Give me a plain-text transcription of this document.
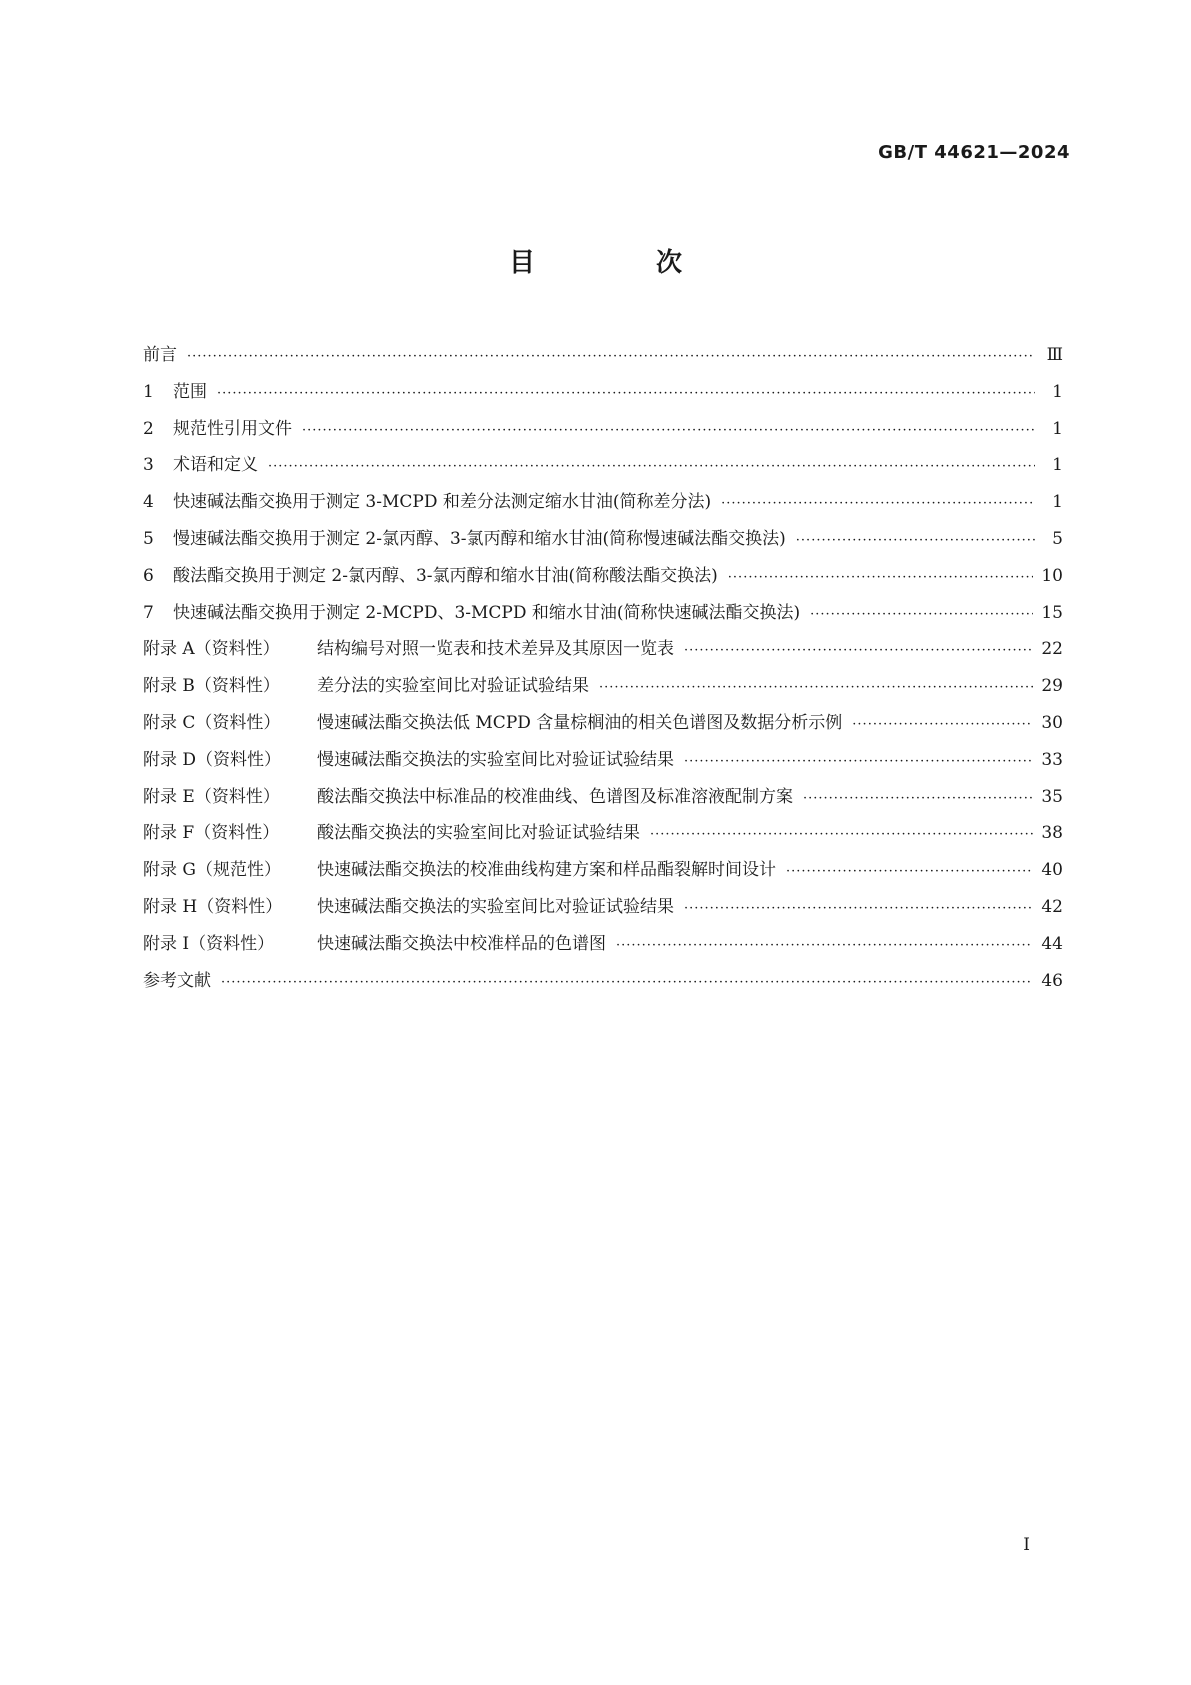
GB/T 44621—2024
目 次
前言 ·····	Ⅲ
1	范围 ·····	1
2	规范性引用文件 ·····	1
3	术语和定义 ·····	1
4	快速碱法酯交换用于测定 3-MCPD 和差分法测定缩水甘油(简称差分法) ·····	1
5	慢速碱法酯交换用于测定 2-氯丙醇、3-氯丙醇和缩水甘油(简称慢速碱法酯交换法) ·····	5
6	酸法酯交换用于测定 2-氯丙醇、3-氯丙醇和缩水甘油(简称酸法酯交换法) ·····	10
7	快速碱法酯交换用于测定 2-MCPD、3-MCPD 和缩水甘油(简称快速碱法酯交换法) ·····	15
附录 A（资料性）	结构编号对照一览表和技术差异及其原因一览表 ·····	22
附录 B（资料性）	差分法的实验室间比对验证试验结果 ·····	29
附录 C（资料性）	慢速碱法酯交换法低 MCPD 含量棕榈油的相关色谱图及数据分析示例 ·····	30
附录 D（资料性）	慢速碱法酯交换法的实验室间比对验证试验结果 ·····	33
附录 E（资料性）	酸法酯交换法中标准品的校准曲线、色谱图及标准溶液配制方案 ·····	35
附录 F（资料性）	酸法酯交换法的实验室间比对验证试验结果 ·····	38
附录 G（规范性）	快速碱法酯交换法的校准曲线构建方案和样品酯裂解时间设计 ·····	40
附录 H（资料性）	快速碱法酯交换法的实验室间比对验证试验结果 ·····	42
附录 I（资料性）	快速碱法酯交换法中校准样品的色谱图 ·····	44
参考文献 ·····	46
I
